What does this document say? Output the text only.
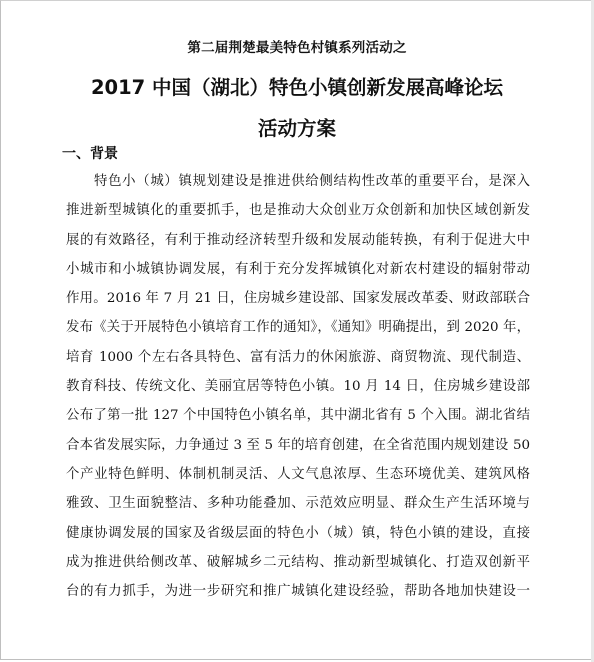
第二届荆楚最美特色村镇系列活动之
2017 中国（湖北）特色小镇创新发展高峰论坛
活动方案
一、背景
特色小（城）镇规划建设是推进供给侧结构性改革的重要平台，是深入
推进新型城镇化的重要抓手，也是推动大众创业万众创新和加快区域创新发
展的有效路径，有利于推动经济转型升级和发展动能转换，有利于促进大中
小城市和小城镇协调发展，有利于充分发挥城镇化对新农村建设的辐射带动
作用。2016 年 7 月 21 日，住房城乡建设部、国家发展改革委、财政部联合
发布《关于开展特色小镇培育工作的通知》，《通知》明确提出，到 2020 年，
培育 1000 个左右各具特色、富有活力的休闲旅游、商贸物流、现代制造、
教育科技、传统文化、美丽宜居等特色小镇。10 月 14 日，住房城乡建设部
公布了第一批 127 个中国特色小镇名单，其中湖北省有 5 个入围。湖北省结
合本省发展实际，力争通过 3 至 5 年的培育创建，在全省范围内规划建设 50
个产业特色鲜明、体制机制灵活、人文气息浓厚、生态环境优美、建筑风格
雅致、卫生面貌整洁、多种功能叠加、示范效应明显、群众生产生活环境与
健康协调发展的国家及省级层面的特色小（城）镇，特色小镇的建设，直接
成为推进供给侧改革、破解城乡二元结构、推动新型城镇化、打造双创新平
台的有力抓手，为进一步研究和推广城镇化建设经验，帮助各地加快建设一
